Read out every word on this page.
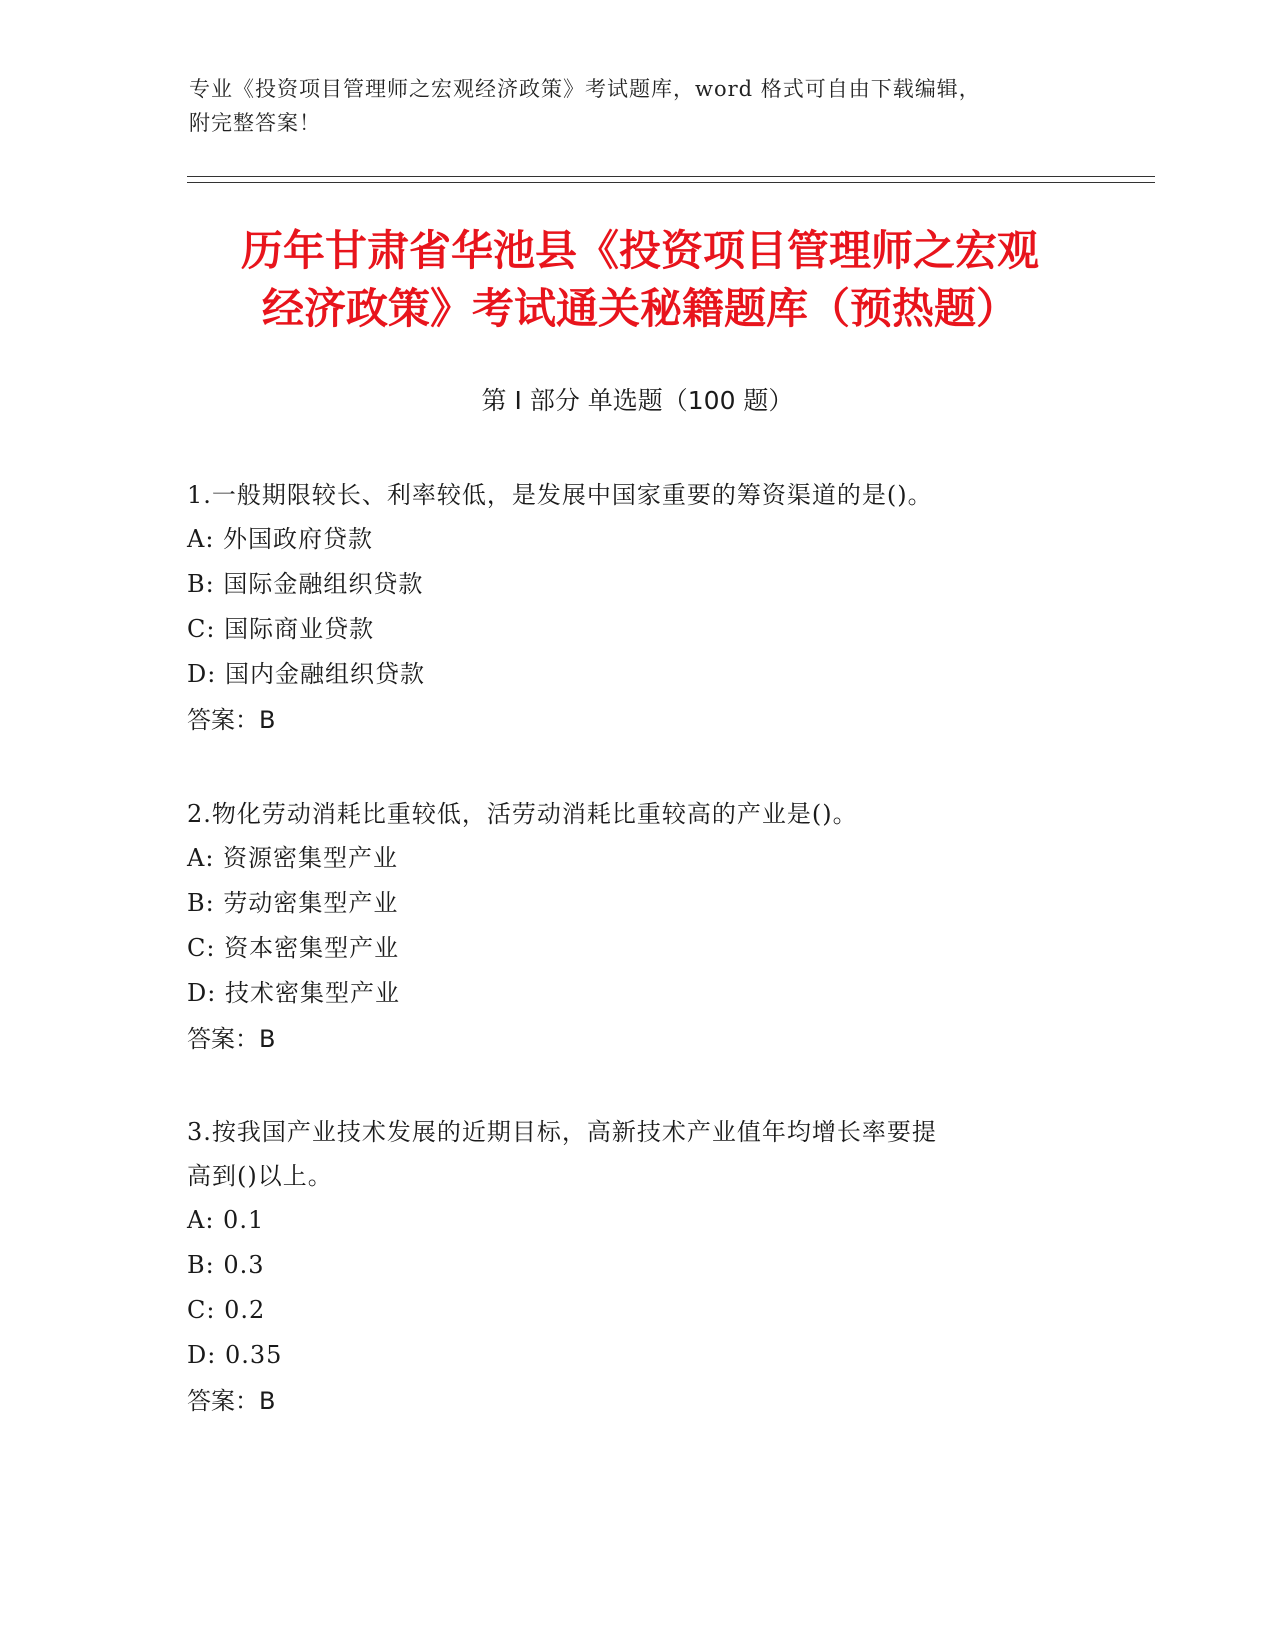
专业《投资项目管理师之宏观经济政策》考试题库，word 格式可自由下载编辑，
附完整答案！
历年甘肃省华池县《投资项目管理师之宏观
经济政策》考试通关秘籍题库（预热题）
第 I 部分 单选题（100 题）

1.一般期限较长、利率较低，是发展中国家重要的筹资渠道的是()。

A: 外国政府贷款

B: 国际金融组织贷款

C: 国际商业贷款

D: 国内金融组织贷款

答案：B

2.物化劳动消耗比重较低，活劳动消耗比重较高的产业是()。

A: 资源密集型产业

B: 劳动密集型产业

C: 资本密集型产业

D: 技术密集型产业

答案：B

3.按我国产业技术发展的近期目标，高新技术产业值年均增长率要提

高到()以上。

A: 0.1

B: 0.3

C: 0.2

D: 0.35

答案：B
